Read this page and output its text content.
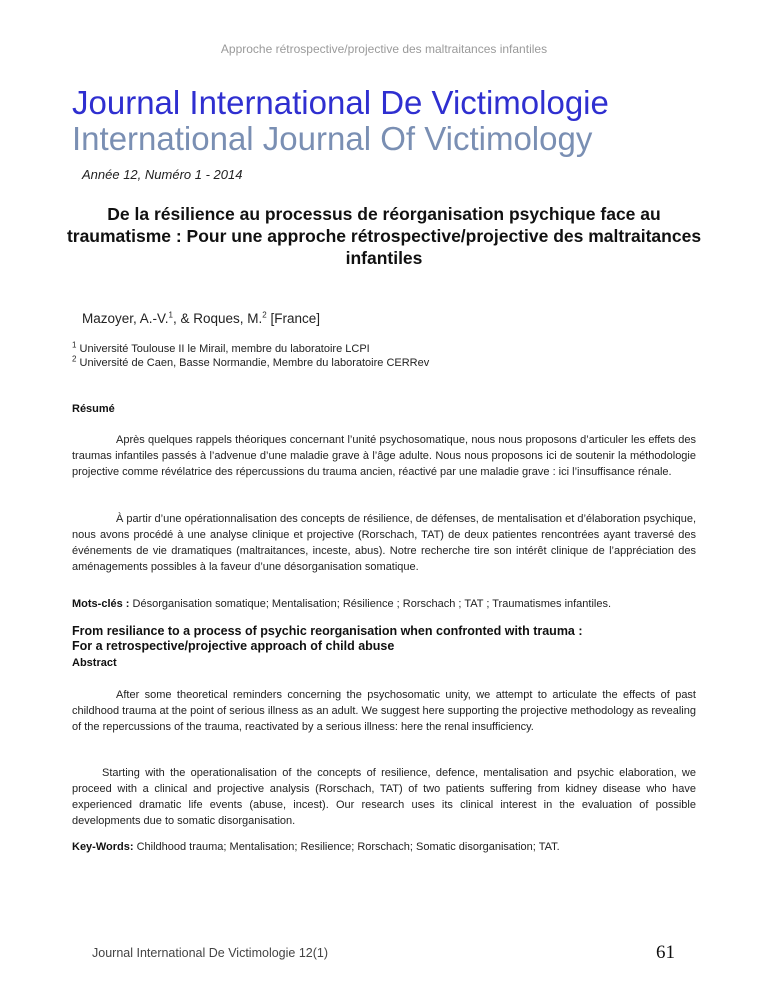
Approche rétrospective/projective des maltraitances infantiles
Journal International De Victimologie
International Journal Of Victimology
Année 12, Numéro 1 - 2014
De la résilience au processus de réorganisation psychique face au traumatisme : Pour une approche rétrospective/projective des maltraitances infantiles
Mazoyer, A.-V.$^1$, & Roques, M.$^2$ [France]
$^1$ Université Toulouse II le Mirail, membre du laboratoire LCPI
$^2$ Université de Caen, Basse Normandie, Membre du laboratoire CERRev
Résumé

Après quelques rappels théoriques concernant l’unité psychosomatique, nous nous proposons d’articuler les effets des traumas infantiles passés à l’advenue d’une maladie grave à l’âge adulte. Nous nous proposons ici de soutenir la méthodologie projective comme révélatrice des répercussions du trauma ancien, réactivé par une maladie grave : ici l’insuffisance rénale.

À partir d’une opérationnalisation des concepts de résilience, de défenses, de mentalisation et d’élaboration psychique, nous avons procédé à une analyse clinique et projective (Rorschach, TAT) de deux patientes rencontrées ayant traversé des événements de vie dramatiques (maltraitances, inceste, abus). Notre recherche tire son intérêt clinique de l’appréciation des aménagements possibles à la faveur d’une désorganisation somatique.

Mots-clés : Désorganisation somatique; Mentalisation; Résilience ; Rorschach ; TAT ; Traumatismes infantiles.
From resiliance to a process of psychic reorganisation when confronted with trauma :
For a retrospective/projective approach of child abuse
Abstract

After some theoretical reminders concerning the psychosomatic unity, we attempt to articulate the effects of past childhood trauma at the point of serious illness as an adult. We suggest here supporting the projective methodology as revealing of the repercussions of the trauma, reactivated by a serious illness: here the renal insufficiency.

Starting with the operationalisation of the concepts of resilience, defence, mentalisation and psychic elaboration, we proceed with a clinical and projective analysis (Rorschach, TAT) of two patients suffering from kidney disease who have experienced dramatic life events (abuse, incest). Our research uses its clinical interest in the evaluation of possible developments due to somatic disorganisation.

Key-Words: Childhood trauma; Mentalisation; Resilience; Rorschach; Somatic disorganisation; TAT.
Journal International De Victimologie 12(1)	61
